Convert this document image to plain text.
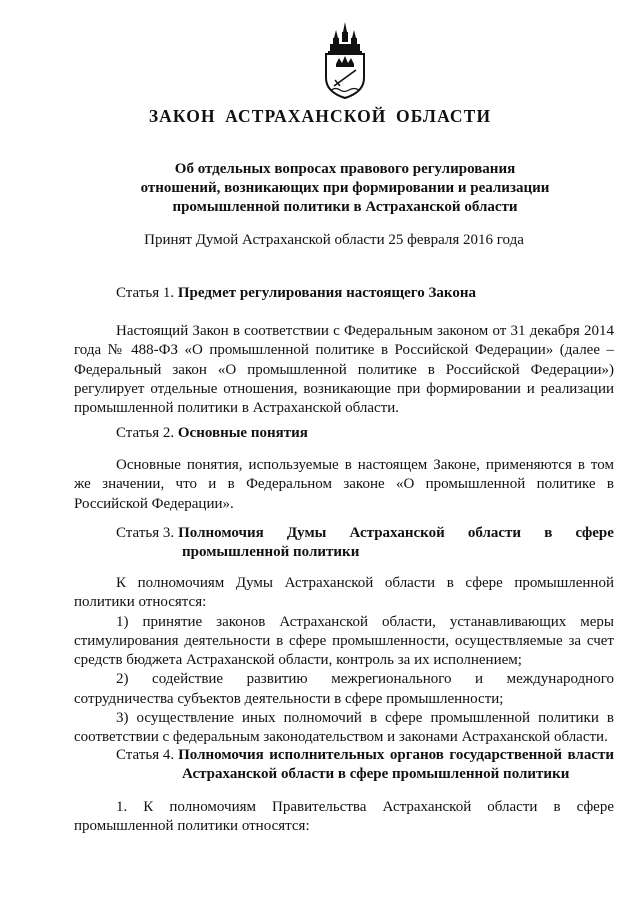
ЗАКОН АСТРАХАНСКОЙ ОБЛАСТИ
Об отдельных вопросах правового регулирования
отношений, возникающих при формировании и реализации
промышленной политики в Астраханской области
Принят Думой Астраханской области 25 февраля 2016 года
Статья 1. Предмет регулирования настоящего Закона

Настоящий Закон в соответствии с Федеральным законом от 31 декабря 2014 года № 488-ФЗ «О промышленной политике в Российской Федерации» (далее – Федеральный закон «О промышленной политике в Российской Федерации») регулирует отдельные отношения, возникающие при формировании и реализации промышленной политики в Астраханской области.

Статья 2. Основные понятия

Основные понятия, используемые в настоящем Законе, применяются в том же значении, что и в Федеральном законе «О промышленной политике в Российской Федерации».

Статья 3. Полномочия Думы Астраханской области в сфере
промышленной политики

К полномочиям Думы Астраханской области в сфере промышленной политики относятся:

1) принятие законов Астраханской области, устанавливающих меры стимулирования деятельности в сфере промышленности, осуществляемые за счет средств бюджета Астраханской области, контроль за их исполнением;

2) содействие развитию межрегионального и международного сотрудничества субъектов деятельности в сфере промышленности;

3) осуществление иных полномочий в сфере промышленной политики в соответствии с федеральным законодательством и законами Астраханской области.

Статья 4. Полномочия исполнительных органов государственной власти
Астраханской области в сфере промышленной политики

1. К полномочиям Правительства Астраханской области в сфере промышленной политики относятся:
